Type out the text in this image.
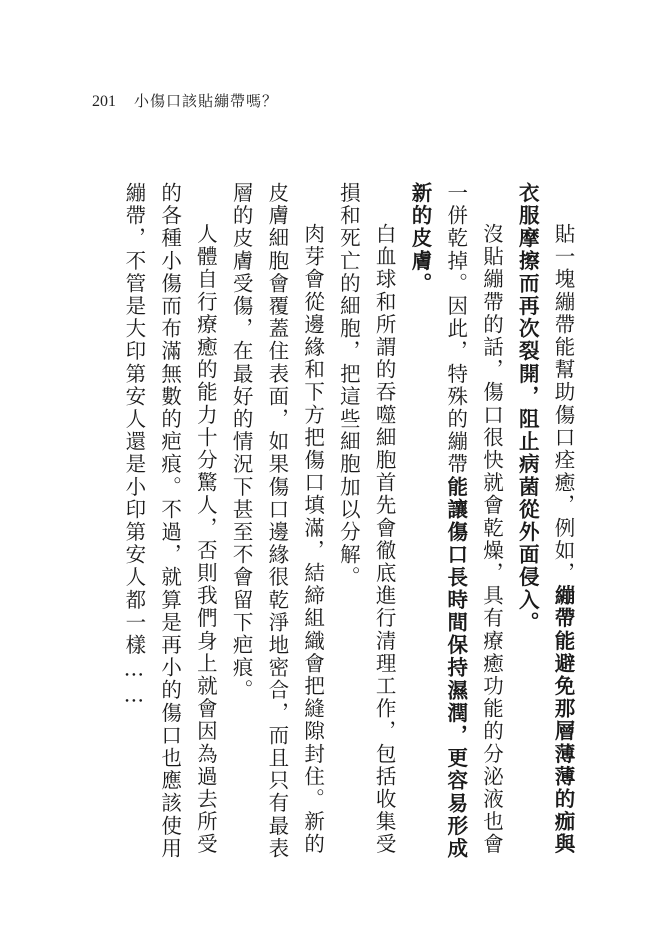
201 小傷口該貼繃帶嗎？

貼一塊繃帶能幫助傷口痊癒，例如，繃帶能避免那層薄薄的痂與衣服摩擦而再次裂開，阻止病菌從外面侵入。

沒貼繃帶的話，傷口很快就會乾燥，具有療癒功能的分泌液也會一併乾掉。因此，特殊的繃帶能讓傷口長時間保持濕潤，更容易形成新的皮膚。

白血球和所謂的吞噬細胞首先會徹底進行清理工作，包括收集受損和死亡的細胞，把這些細胞加以分解。

肉芽會從邊緣和下方把傷口填滿，結締組織會把縫隙封住。新的皮膚細胞會覆蓋住表面，如果傷口邊緣很乾淨地密合，而且只有最表層的皮膚受傷，在最好的情況下甚至不會留下疤痕。

人體自行療癒的能力十分驚人，否則我們身上就會因為過去所受的各種小傷而布滿無數的疤痕。不過，就算是再小的傷口也應該使用繃帶，不管是大印第安人還是小印第安人都一樣……
